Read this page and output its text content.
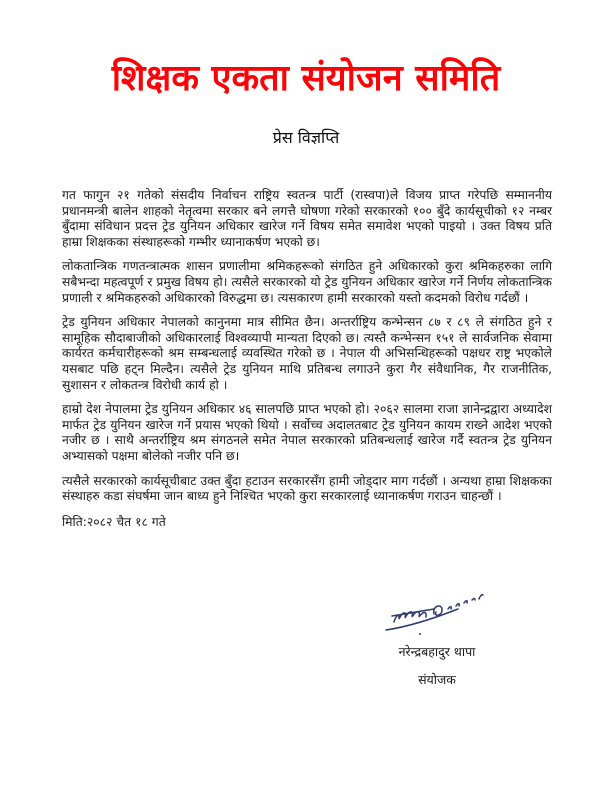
शिक्षक एकता संयोजन समिति
प्रेस विज्ञप्ति

गत फागुन २१ गतेको संसदीय निर्वाचन राष्ट्रिय स्वतन्त्र पार्टी (रास्वपा)ले विजय प्राप्त गरेपछि सम्माननीय प्रधानमन्त्री बालेन शाहको नेतृत्वमा सरकार बने लगत्तै घोषणा गरेको सरकारको १०० बुँदे कार्यसूचीको १२ नम्बर बुँदामा संविधान प्रदत्त ट्रेड युनियन अधिकार खारेज गर्ने विषय समेत समावेश भएको पाइयो । उक्त विषय प्रति हाम्रा शिक्षकका संस्थाहरूको गम्भीर ध्यानाकर्षण भएको छ।

लोकतान्त्रिक गणतन्त्रात्मक शासन प्रणालीमा श्रमिकहरूको संगठित हुने अधिकारको कुरा श्रमिकहरुका लागि सबैभन्दा महत्वपूर्ण र प्रमुख विषय हो। त्यसैले सरकारको यो ट्रेड युनियन अधिकार खारेज गर्ने निर्णय लोकतान्त्रिक प्रणाली र श्रमिकहरुको अधिकारको विरुद्धमा छ। त्यसकारण हामी सरकारको यस्तो कदमको विरोध गर्दछौं ।

ट्रेड युनियन अधिकार नेपालको कानुनमा मात्र सीमित छैन। अन्तर्राष्ट्रिय कन्भेन्सन ८७ र ८९ ले संगठित हुने र सामूहिक सौदाबाजीको अधिकारलाई विश्वव्यापी मान्यता दिएको छ। त्यस्तै कन्भेन्सन १५१ ले सार्वजनिक सेवामा कार्यरत कर्मचारीहरूको श्रम सम्बन्धलाई व्यवस्थित गरेको छ । नेपाल यी अभिसन्धिहरूको पक्षधर राष्ट्र भएकोले यसबाट पछि हट्न मिल्दैन। त्यसैले ट्रेड युनियन माथि प्रतिबन्ध लगाउने कुरा गैर संवैधानिक, गैर राजनीतिक, सुशासन र लोकतन्त्र विरोधी कार्य हो ।

हाम्रो देश नेपालमा ट्रेड युनियन अधिकार ४६ सालपछि प्राप्त भएको हो। २०६२ सालमा राजा ज्ञानेन्द्रद्वारा अध्यादेश मार्फत ट्रेड युनियन खारेज गर्ने प्रयास भएको थियो । सर्वोच्च अदालतबाट ट्रेड युनियन कायम राख्ने आदेश भएको नजीर छ । साथै अन्तर्राष्ट्रिय श्रम संगठनले समेत नेपाल सरकारको प्रतिबन्धलाई खारेज गर्दै स्वतन्त्र ट्रेड युनियन अभ्यासको पक्षमा बोलेको नजीर पनि छ।

त्यसैले सरकारको कार्यसूचीबाट उक्त बुँदा हटाउन सरकारसँग हामी जोड्दार माग गर्दछौं । अन्यथा हाम्रा शिक्षकका संस्थाहरु कडा संघर्षमा जान बाध्य हुने निश्चित भएको कुरा सरकारलाई ध्यानाकर्षण गराउन चाहन्छौं ।

मिति:२०८२ चैत १८ गते

नरेन्द्रबहादुर थापा
संयोजक
